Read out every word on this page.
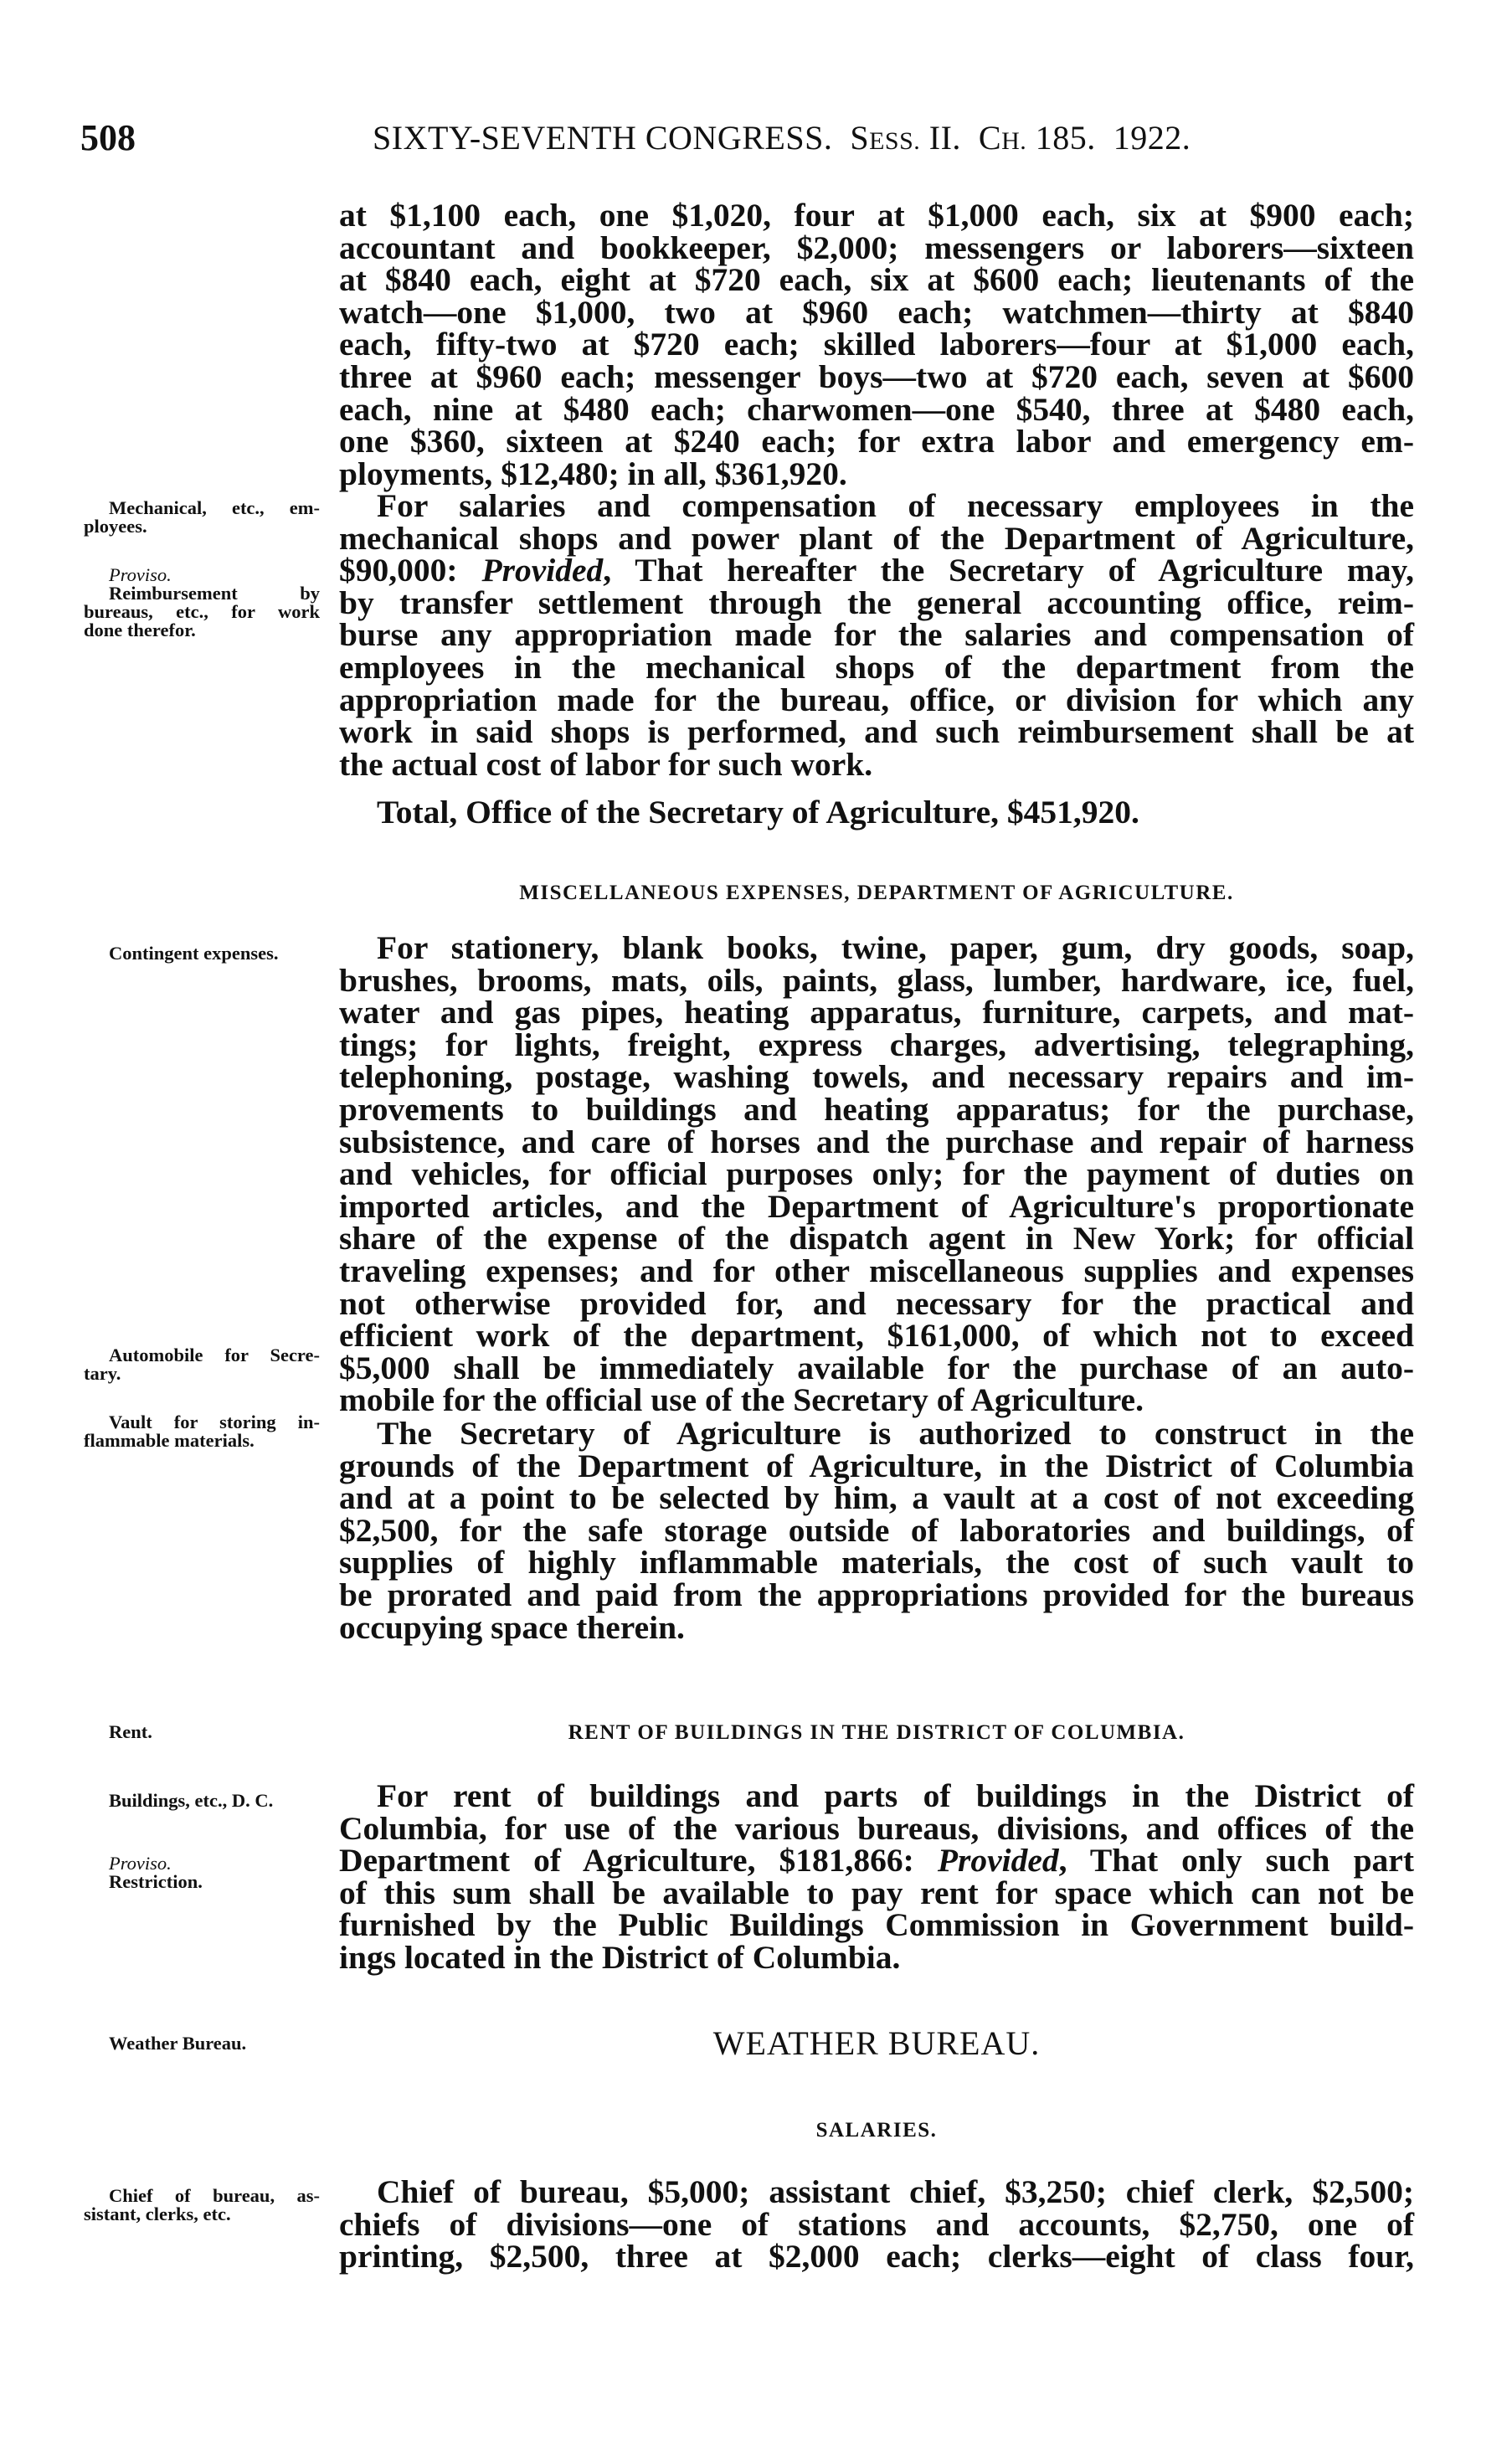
508	SIXTY-SEVENTH CONGRESS. SESS. II. CH. 185. 1922.
at $1,100 each, one $1,020, four at $1,000 each, six at $900 each;
accountant and bookkeeper, $2,000; messengers or laborers—sixteen
at $840 each, eight at $720 each, six at $600 each; lieutenants of the
watch—one $1,000, two at $960 each; watchmen—thirty at $840
each, fifty-two at $720 each; skilled laborers—four at $1,000 each,
three at $960 each; messenger boys—two at $720 each, seven at $600
each, nine at $480 each; charwomen—one $540, three at $480 each,
one $360, sixteen at $240 each; for extra labor and emergency em-
ployments, $12,480; in all, $361,920.
For salaries and compensation of necessary employees in the
mechanical shops and power plant of the Department of Agriculture,
$90,000: Provided, That hereafter the Secretary of Agriculture may,
by transfer settlement through the general accounting office, reim-
burse any appropriation made for the salaries and compensation of
employees in the mechanical shops of the department from the
appropriation made for the bureau, office, or division for which any
work in said shops is performed, and such reimbursement shall be at
the actual cost of labor for such work.
Total, Office of the Secretary of Agriculture, $451,920.
MISCELLANEOUS EXPENSES, DEPARTMENT OF AGRICULTURE.
For stationery, blank books, twine, paper, gum, dry goods, soap,
brushes, brooms, mats, oils, paints, glass, lumber, hardware, ice, fuel,
water and gas pipes, heating apparatus, furniture, carpets, and mat-
tings; for lights, freight, express charges, advertising, telegraphing,
telephoning, postage, washing towels, and necessary repairs and im-
provements to buildings and heating apparatus; for the purchase,
subsistence, and care of horses and the purchase and repair of harness
and vehicles, for official purposes only; for the payment of duties on
imported articles, and the Department of Agriculture's proportionate
share of the expense of the dispatch agent in New York; for official
traveling expenses; and for other miscellaneous supplies and expenses
not otherwise provided for, and necessary for the practical and
efficient work of the department, $161,000, of which not to exceed
$5,000 shall be immediately available for the purchase of an auto-
mobile for the official use of the Secretary of Agriculture.
The Secretary of Agriculture is authorized to construct in the
grounds of the Department of Agriculture, in the District of Columbia
and at a point to be selected by him, a vault at a cost of not exceeding
$2,500, for the safe storage outside of laboratories and buildings, of
supplies of highly inflammable materials, the cost of such vault to
be prorated and paid from the appropriations provided for the bureaus
occupying space therein.
RENT OF BUILDINGS IN THE DISTRICT OF COLUMBIA.
For rent of buildings and parts of buildings in the District of
Columbia, for use of the various bureaus, divisions, and offices of the
Department of Agriculture, $181,866: Provided, That only such part
of this sum shall be available to pay rent for space which can not be
furnished by the Public Buildings Commission in Government build-
ings located in the District of Columbia.
WEATHER BUREAU.
SALARIES.
Chief of bureau, $5,000; assistant chief, $3,250; chief clerk, $2,500;
chiefs of divisions—one of stations and accounts, $2,750, one of
printing, $2,500, three at $2,000 each; clerks—eight of class four,
Mechanical, etc., em-
ployees.
Proviso.
Reimbursement by
bureaus, etc., for work
done therefor.
Contingent expenses.
Automobile for Secre-
tary.
Vault for storing in-
flammable materials.
Rent.
Buildings, etc., D. C.
Proviso.
Restriction.
Weather Bureau.
Chief of bureau, as-
sistant, clerks, etc.
